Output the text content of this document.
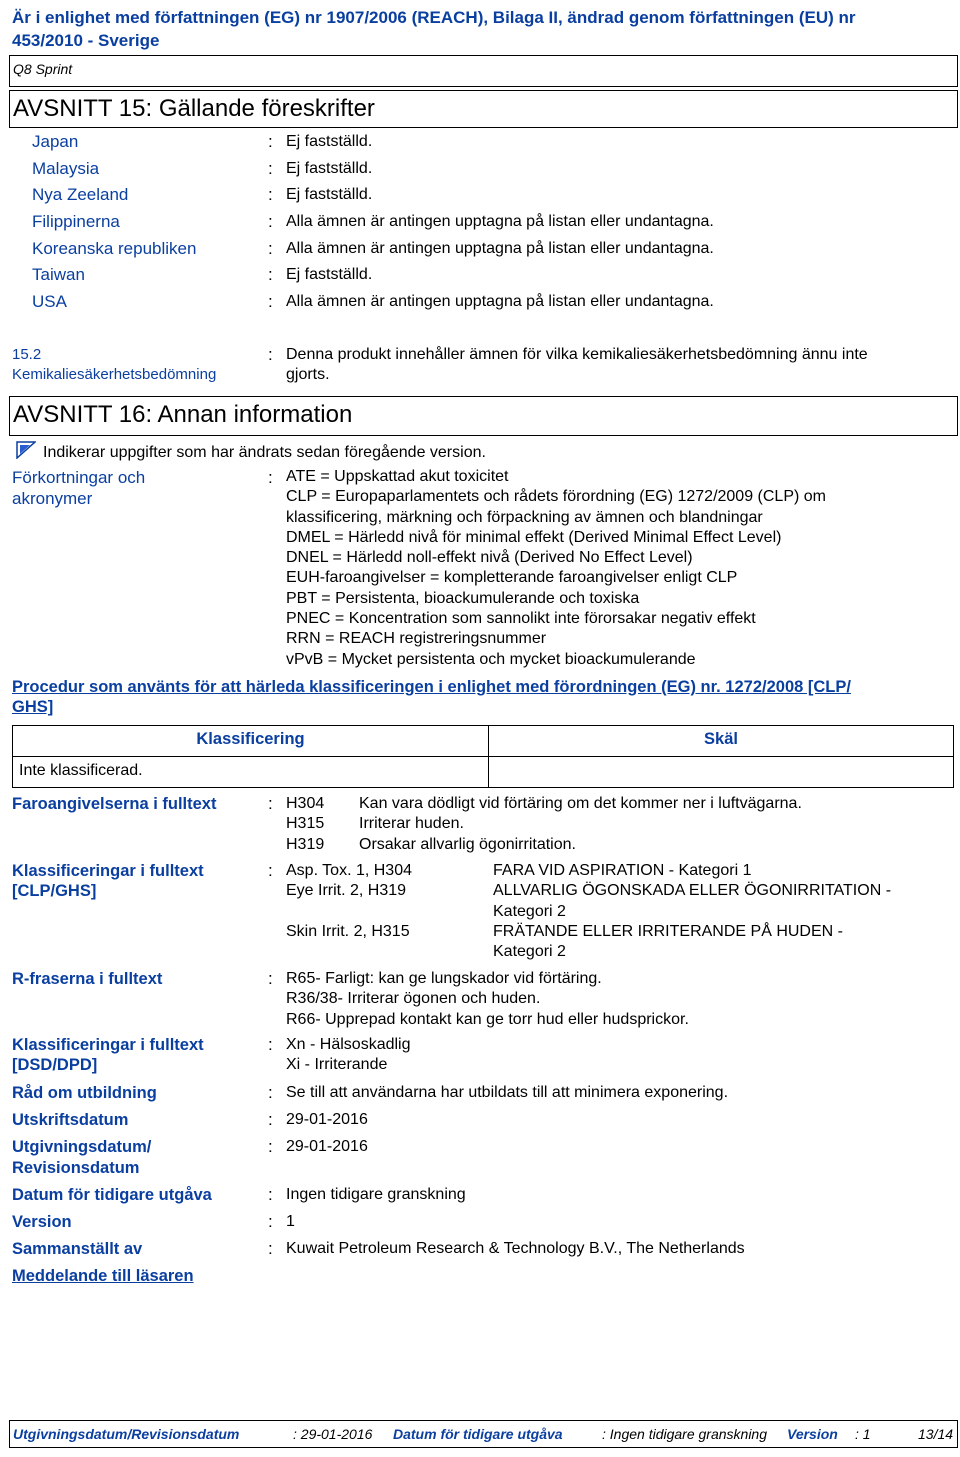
Är i enlighet med författningen (EG) nr 1907/2006 (REACH), Bilaga II, ändrad genom författningen (EU) nr
453/2010 - Sverige
Q8 Sprint
AVSNITT 15: Gällande föreskrifter
Japan	: Ej fastställd.
Malaysia	: Ej fastställd.
Nya Zeeland	: Ej fastställd.
Filippinerna	: Alla ämnen är antingen upptagna på listan eller undantagna.
Koreanska republiken	: Alla ämnen är antingen upptagna på listan eller undantagna.
Taiwan	: Ej fastställd.
USA	: Alla ämnen är antingen upptagna på listan eller undantagna.
15.2
Kemikaliesäkerhetsbedömning
: Denna produkt innehåller ämnen för vilka kemikaliesäkerhetsbedömning ännu inte
gjorts.
AVSNITT 16: Annan information
Indikerar uppgifter som har ändrats sedan föregående version.
Förkortningar och
akronymer
: ATE = Uppskattad akut toxicitet
CLP = Europaparlamentets och rådets förordning (EG) 1272/2009 (CLP) om
klassificering, märkning och förpackning av ämnen och blandningar
DMEL = Härledd nivå för minimal effekt (Derived Minimal Effect Level)
DNEL = Härledd noll-effekt nivå (Derived No Effect Level)
EUH-faroangivelser = kompletterande faroangivelser enligt CLP
PBT = Persistenta, bioackumulerande och toxiska
PNEC = Koncentration som sannolikt inte förorsakar negativ effekt
RRN = REACH registreringsnummer
vPvB = Mycket persistenta och mycket bioackumulerande
Procedur som använts för att härleda klassificeringen i enlighet med förordningen (EG) nr. 1272/2008 [CLP/
GHS]
Klassificering	Skäl
Inte klassificerad.	
Faroangivelserna i fulltext	: H304 Kan vara dödligt vid förtäring om det kommer ner i luftvägarna.
H315 Irriterar huden.
H319 Orsakar allvarlig ögonirritation.
Klassificeringar i fulltext
[CLP/GHS]
: Asp. Tox. 1, H304	FARA VID ASPIRATION - Kategori 1
Eye Irrit. 2, H319	ALLVARLIG ÖGONSKADA ELLER ÖGONIRRITATION -
Kategori 2
Skin Irrit. 2, H315	FRÄTANDE ELLER IRRITERANDE PÅ HUDEN -
Kategori 2
R-fraserna i fulltext	: R65- Farligt: kan ge lungskador vid förtäring.
R36/38- Irriterar ögonen och huden.
R66- Upprepad kontakt kan ge torr hud eller hudsprickor.
Klassificeringar i fulltext
[DSD/DPD]
: Xn - Hälsoskadlig
Xi - Irriterande
Råd om utbildning	: Se till att användarna har utbildats till att minimera exponering.
Utskriftsdatum	: 29-01-2016
Utgivningsdatum/
Revisionsdatum
: 29-01-2016
Datum för tidigare utgåva	: Ingen tidigare granskning
Version	: 1
Sammanställt av	: Kuwait Petroleum Research & Technology B.V., The Netherlands
Meddelande till läsaren
Utgivningsdatum/Revisionsdatum	: 29-01-2016 Datum för tidigare utgåva	: Ingen tidigare granskning Version : 1	13/14
